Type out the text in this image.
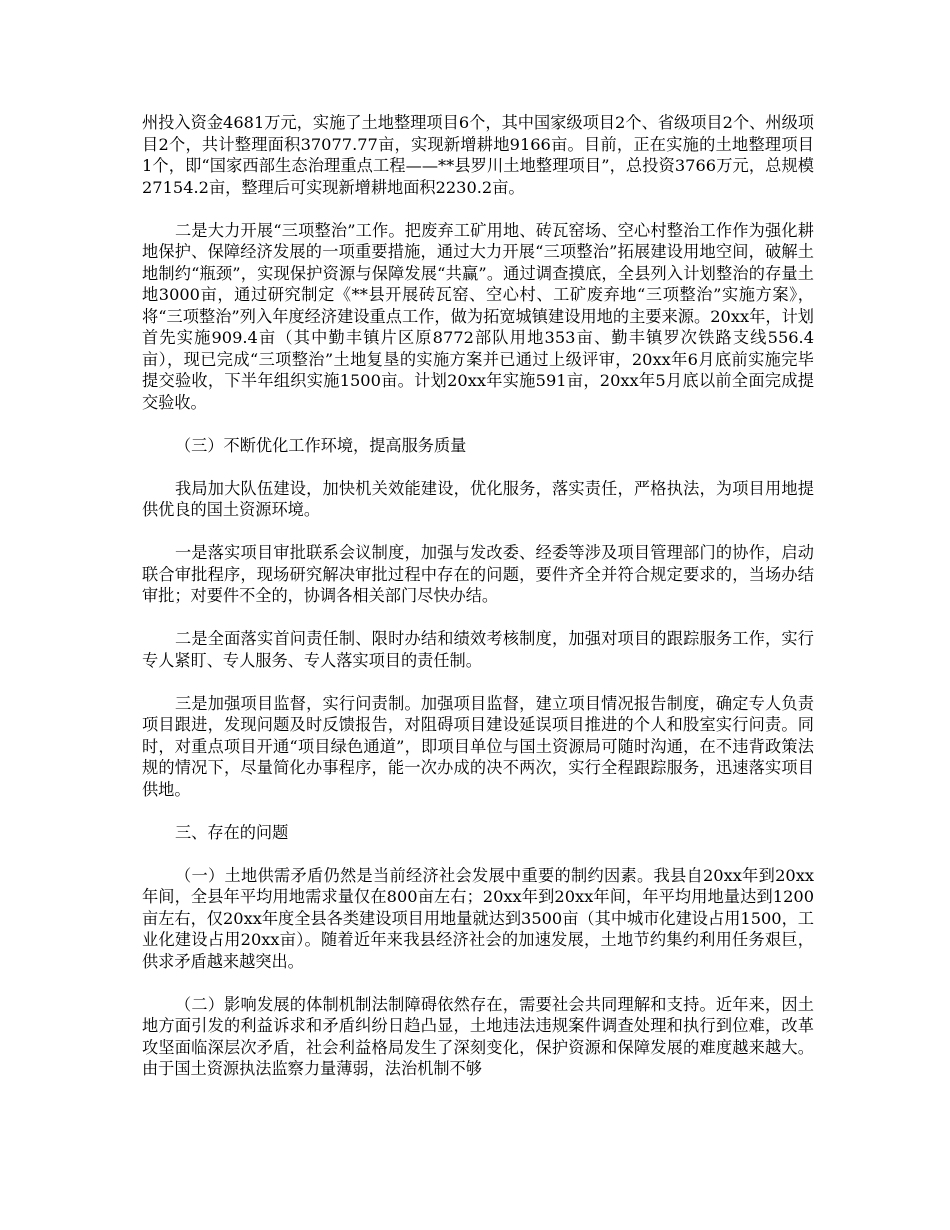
州投入资金4681万元，实施了土地整理项目6个，其中国家级项目2个、省级项目2个、州级项目2个，共计整理面积37077.77亩，实现新增耕地9166亩。目前，正在实施的土地整理项目1个，即“国家西部生态治理重点工程——**县罗川土地整理项目”，总投资3766万元，总规模27154.2亩，整理后可实现新增耕地面积2230.2亩。

二是大力开展“三项整治”工作。把废弃工矿用地、砖瓦窑场、空心村整治工作作为强化耕地保护、保障经济发展的一项重要措施，通过大力开展“三项整治”拓展建设用地空间，破解土地制约“瓶颈”，实现保护资源与保障发展“共赢”。通过调查摸底，全县列入计划整治的存量土地3000亩，通过研究制定《**县开展砖瓦窑、空心村、工矿废弃地“三项整治”实施方案》，将“三项整治”列入年度经济建设重点工作，做为拓宽城镇建设用地的主要来源。20xx年，计划首先实施909.4亩（其中勤丰镇片区原8772部队用地353亩、勤丰镇罗次铁路支线556.4亩），现已完成“三项整治”土地复垦的实施方案并已通过上级评审，20xx年6月底前实施完毕提交验收，下半年组织实施1500亩。计划20xx年实施591亩，20xx年5月底以前全面完成提交验收。

（三）不断优化工作环境，提高服务质量

我局加大队伍建设，加快机关效能建设，优化服务，落实责任，严格执法，为项目用地提供优良的国土资源环境。

一是落实项目审批联系会议制度，加强与发改委、经委等涉及项目管理部门的协作，启动联合审批程序，现场研究解决审批过程中存在的问题，要件齐全并符合规定要求的，当场办结审批；对要件不全的，协调各相关部门尽快办结。

二是全面落实首问责任制、限时办结和绩效考核制度，加强对项目的跟踪服务工作，实行专人紧盯、专人服务、专人落实项目的责任制。

三是加强项目监督，实行问责制。加强项目监督，建立项目情况报告制度，确定专人负责项目跟进，发现问题及时反馈报告，对阻碍项目建设延误项目推进的个人和股室实行问责。同时，对重点项目开通“项目绿色通道”，即项目单位与国土资源局可随时沟通，在不违背政策法规的情况下，尽量简化办事程序，能一次办成的决不两次，实行全程跟踪服务，迅速落实项目供地。

三、存在的问题

（一）土地供需矛盾仍然是当前经济社会发展中重要的制约因素。我县自20xx年到20xx年间，全县年平均用地需求量仅在800亩左右；20xx年到20xx年间，年平均用地量达到1200亩左右，仅20xx年度全县各类建设项目用地量就达到3500亩（其中城市化建设占用1500，工业化建设占用20xx亩）。随着近年来我县经济社会的加速发展，土地节约集约利用任务艰巨，供求矛盾越来越突出。

（二）影响发展的体制机制法制障碍依然存在，需要社会共同理解和支持。近年来，因土地方面引发的利益诉求和矛盾纠纷日趋凸显，土地违法违规案件调查处理和执行到位难，改革攻坚面临深层次矛盾，社会利益格局发生了深刻变化，保护资源和保障发展的难度越来越大。由于国土资源执法监察力量薄弱，法治机制不够
